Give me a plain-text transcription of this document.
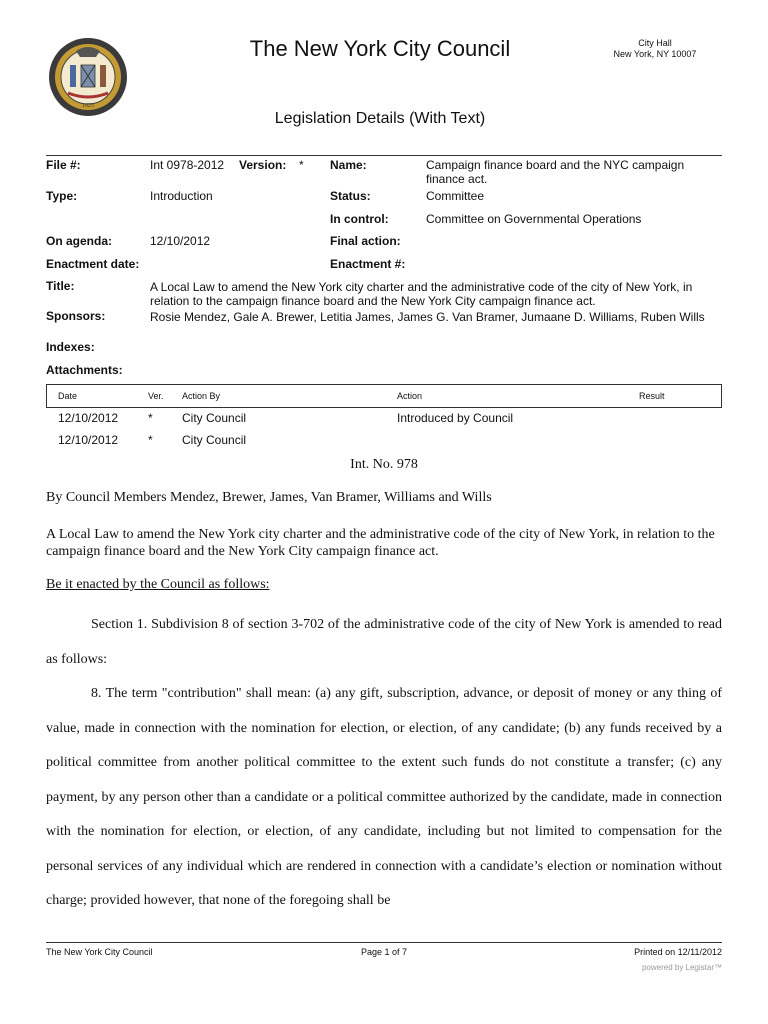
1625
The New York City Council	City Hall
New York, NY 10007
Legislation Details (With Text)
File #:	Int 0978-2012 Version: * Name:	Campaign finance board and the NYC campaign finance act.
Type:	Introduction	Status:	Committee
In control:	Committee on Governmental Operations
On agenda:	12/10/2012	Final action:
Enactment date:	Enactment #:
Title:	A Local Law to amend the New York city charter and the administrative code of the city of New York, in relation to the campaign finance board and the New York City campaign finance act.
Sponsors:	Rosie Mendez, Gale A. Brewer, Letitia James, James G. Van Bramer, Jumaane D. Williams, Ruben Wills
Indexes:
Attachments:
Date	Ver. Action By	Action	Result
12/10/2012 * City Council	Introduced by Council
12/10/2012 * City Council
Int. No. 978
By Council Members Mendez, Brewer, James, Van Bramer, Williams and Wills
A Local Law to amend the New York city charter and the administrative code of the city of New York, in relation to the campaign finance board and the New York City campaign finance act.
Be it enacted by the Council as follows:
Section 1. Subdivision 8 of section 3-702 of the administrative code of the city of New York is amended to read as follows:
8. The term "contribution" shall mean: (a) any gift, subscription, advance, or deposit of money or any thing of value, made in connection with the nomination for election, or election, of any candidate; (b) any funds received by a political committee from another political committee to the extent such funds do not constitute a transfer; (c) any payment, by any person other than a candidate or a political committee authorized by the candidate, made in connection with the nomination for election, or election, of any candidate, including but not limited to compensation for the personal services of any individual which are rendered in connection with a candidate’s election or nomination without charge; provided however, that none of the foregoing shall be
The New York City Council	Page 1 of 7	Printed on 12/11/2012
powered by Legistar™
